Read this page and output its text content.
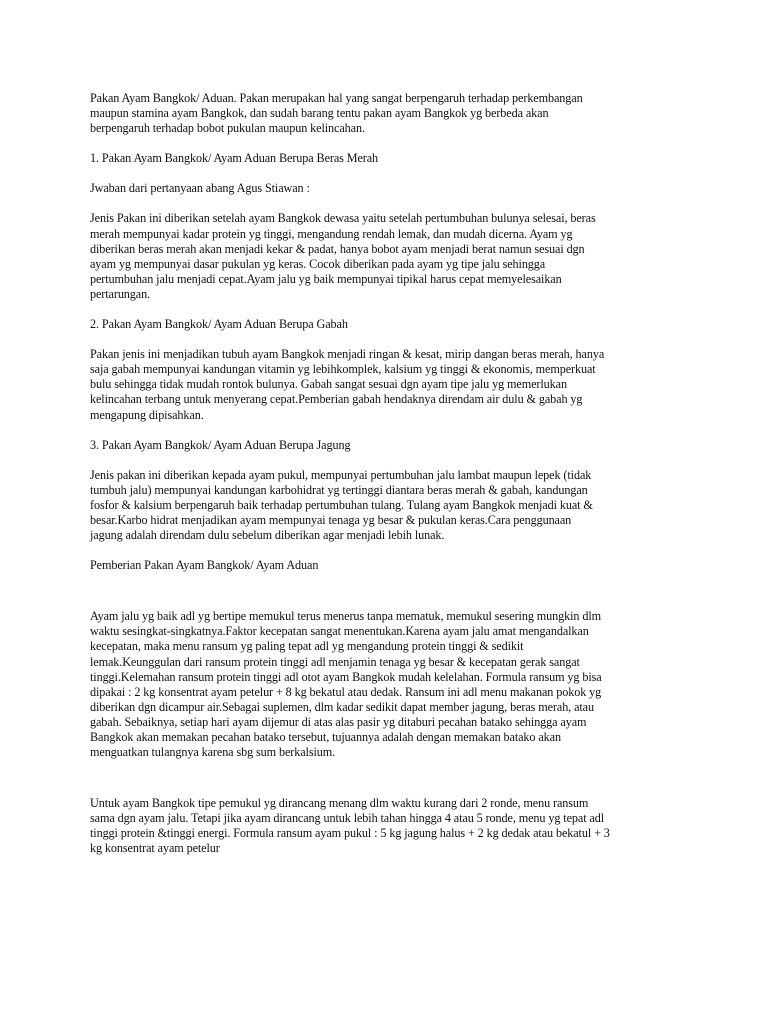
Pakan Ayam Bangkok/ Aduan. Pakan merupakan hal yang sangat berpengaruh terhadap perkembangan
maupun stamina ayam Bangkok, dan sudah barang tentu pakan ayam Bangkok yg berbeda akan
berpengaruh terhadap bobot pukulan maupun kelincahan.

1. Pakan Ayam Bangkok/ Ayam Aduan Berupa Beras Merah

Jwaban dari pertanyaan abang Agus Stiawan :

Jenis Pakan ini diberikan setelah ayam Bangkok dewasa yaitu setelah pertumbuhan bulunya selesai, beras
merah mempunyai kadar protein yg tinggi, mengandung rendah lemak, dan mudah dicerna. Ayam yg
diberikan beras merah akan menjadi kekar & padat, hanya bobot ayam menjadi berat namun sesuai dgn
ayam yg mempunyai dasar pukulan yg keras. Cocok diberikan pada ayam yg tipe jalu sehingga
pertumbuhan jalu menjadi cepat.Ayam jalu yg baik mempunyai tipikal harus cepat memyelesaikan
pertarungan.

2. Pakan Ayam Bangkok/ Ayam Aduan Berupa Gabah

Pakan jenis ini menjadikan tubuh ayam Bangkok menjadi ringan & kesat, mirip dangan beras merah, hanya
saja gabah mempunyai kandungan vitamin yg lebihkomplek, kalsium yg tinggi & ekonomis, memperkuat
bulu sehingga tidak mudah rontok bulunya. Gabah sangat sesuai dgn ayam tipe jalu yg memerlukan
kelincahan terbang untuk menyerang cepat.Pemberian gabah hendaknya direndam air dulu & gabah yg
mengapung dipisahkan.

3. Pakan Ayam Bangkok/ Ayam Aduan Berupa Jagung

Jenis pakan ini diberikan kepada ayam pukul, mempunyai pertumbuhan jalu lambat maupun lepek (tidak
tumbuh jalu) mempunyai kandungan karbohidrat yg tertinggi diantara beras merah & gabah, kandungan
fosfor & kalsium berpengaruh baik terhadap pertumbuhan tulang. Tulang ayam Bangkok menjadi kuat &
besar.Karbo hidrat menjadikan ayam mempunyai tenaga yg besar & pukulan keras.Cara penggunaan
jagung adalah direndam dulu sebelum diberikan agar menjadi lebih lunak.

Pemberian Pakan Ayam Bangkok/ Ayam Aduan

Ayam jalu yg baik adl yg bertipe memukul terus menerus tanpa mematuk, memukul sesering mungkin dlm
waktu sesingkat-singkatnya.Faktor kecepatan sangat menentukan.Karena ayam jalu amat mengandalkan
kecepatan, maka menu ransum yg paling tepat adl yg mengandung protein tinggi & sedikit
lemak.Keunggulan dari ransum protein tinggi adl menjamin tenaga yg besar & kecepatan gerak sangat
tinggi.Kelemahan ransum protein tinggi adl otot ayam Bangkok mudah kelelahan. Formula ransum yg bisa
dipakai : 2 kg konsentrat ayam petelur + 8 kg bekatul atau dedak. Ransum ini adl menu makanan pokok yg
diberikan dgn dicampur air.Sebagai suplemen, dlm kadar sedikit dapat member jagung, beras merah, atau
gabah. Sebaiknya, setiap hari ayam dijemur di atas alas pasir yg ditaburi pecahan batako sehingga ayam
Bangkok akan memakan pecahan batako tersebut, tujuannya adalah dengan memakan batako akan
menguatkan tulangnya karena sbg sum berkalsium.

Untuk ayam Bangkok tipe pemukul yg dirancang menang dlm waktu kurang dari 2 ronde, menu ransum
sama dgn ayam jalu. Tetapi jika ayam dirancang untuk lebih tahan hingga 4 atau 5 ronde, menu yg tepat adl
tinggi protein &tinggi energi. Formula ransum ayam pukul : 5 kg jagung halus + 2 kg dedak atau bekatul + 3
kg konsentrat ayam petelur
